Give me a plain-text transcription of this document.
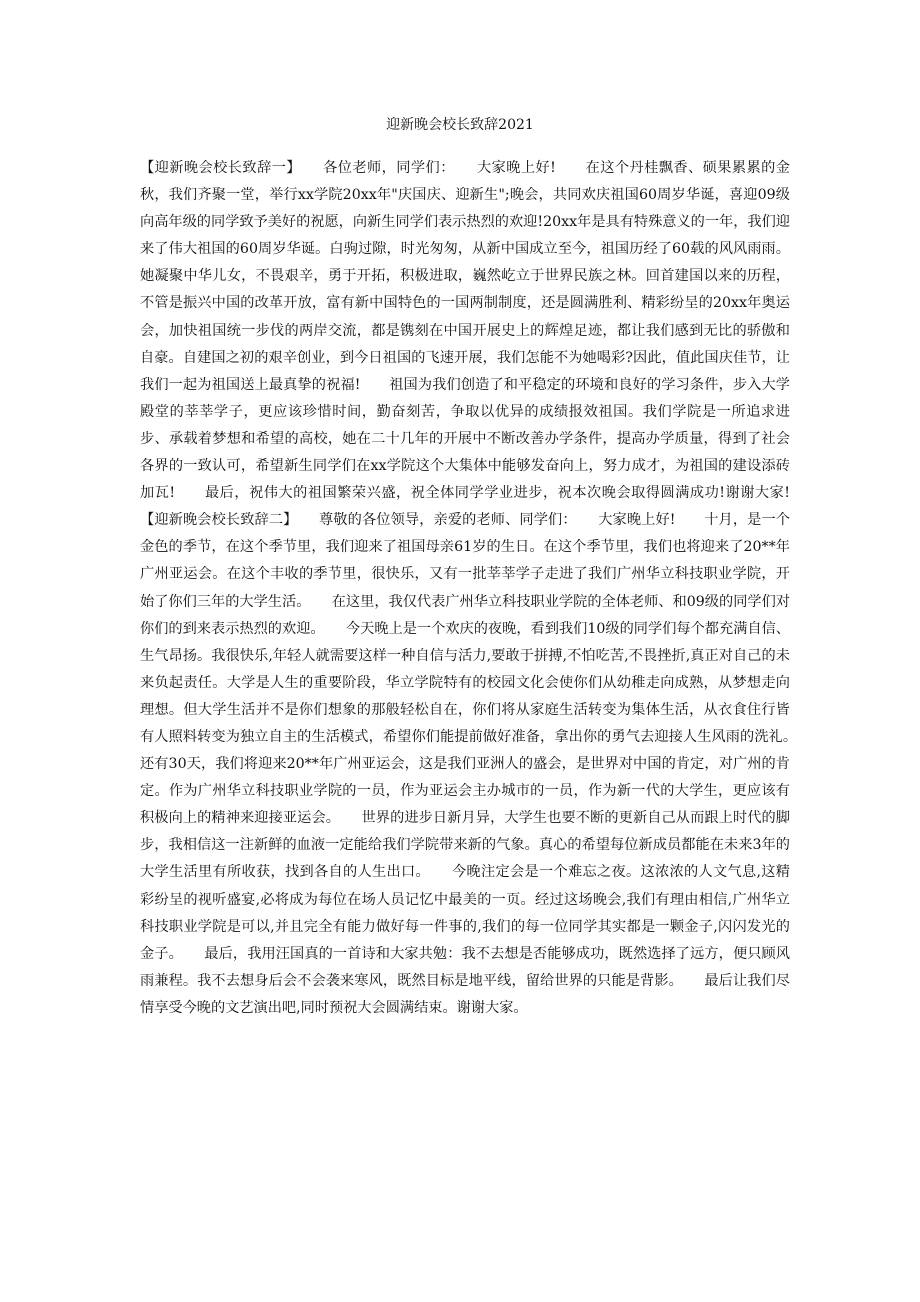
迎新晚会校长致辞2021

【迎新晚会校长致辞一】　　各位老师，同学们：　　大家晚上好!　　在这个丹桂飘香、硕果累累的金秋，我们齐聚一堂，举行xx学院20xx年"庆国庆、迎新生";晚会，共同欢庆祖国60周岁华诞，喜迎09级向高年级的同学致予美好的祝愿，向新生同学们表示热烈的欢迎!20xx年是具有特殊意义的一年，我们迎来了伟大祖国的60周岁华诞。白驹过隙，时光匆匆，从新中国成立至今，祖国历经了60载的风风雨雨。她凝聚中华儿女，不畏艰辛，勇于开拓，积极进取，巍然屹立于世界民族之林。回首建国以来的历程，不管是振兴中国的改革开放，富有新中国特色的一国两制制度，还是圆满胜利、精彩纷呈的20xx年奥运会，加快祖国统一步伐的两岸交流，都是镌刻在中国开展史上的辉煌足迹，都让我们感到无比的骄傲和自豪。自建国之初的艰辛创业，到今日祖国的飞速开展，我们怎能不为她喝彩?因此，值此国庆佳节，让我们一起为祖国送上最真挚的祝福!　　祖国为我们创造了和平稳定的环境和良好的学习条件，步入大学殿堂的莘莘学子，更应该珍惜时间，勤奋刻苦，争取以优异的成绩报效祖国。我们学院是一所追求进步、承载着梦想和希望的高校，她在二十几年的开展中不断改善办学条件，提高办学质量，得到了社会各界的一致认可，希望新生同学们在xx学院这个大集体中能够发奋向上，努力成才，为祖国的建设添砖加瓦!　　最后，祝伟大的祖国繁荣兴盛，祝全体同学学业进步，祝本次晚会取得圆满成功!谢谢大家!　　【迎新晚会校长致辞二】　　尊敬的各位领导，亲爱的老师、同学们：　　大家晚上好!　　十月，是一个金色的季节，在这个季节里，我们迎来了祖国母亲61岁的生日。在这个季节里，我们也将迎来了20**年广州亚运会。在这个丰收的季节里，很快乐，又有一批莘莘学子走进了我们广州华立科技职业学院，开始了你们三年的大学生活。　　在这里，我仅代表广州华立科技职业学院的全体老师、和09级的同学们对你们的到来表示热烈的欢迎。　　今天晚上是一个欢庆的夜晚，看到我们10级的同学们每个都充满自信、生气昂扬。我很快乐,年轻人就需要这样一种自信与活力,要敢于拼搏,不怕吃苦,不畏挫折,真正对自己的未来负起责任。大学是人生的重要阶段，华立学院特有的校园文化会使你们从幼稚走向成熟，从梦想走向理想。但大学生活并不是你们想象的那般轻松自在，你们将从家庭生活转变为集体生活，从衣食住行皆有人照料转变为独立自主的生活模式，希望你们能提前做好准备，拿出你的勇气去迎接人生风雨的洗礼。　　还有30天，我们将迎来20**年广州亚运会，这是我们亚洲人的盛会，是世界对中国的肯定，对广州的肯定。作为广州华立科技职业学院的一员，作为亚运会主办城市的一员，作为新一代的大学生，更应该有积极向上的精神来迎接亚运会。　　世界的进步日新月异，大学生也要不断的更新自己从而跟上时代的脚步，我相信这一注新鲜的血液一定能给我们学院带来新的气象。真心的希望每位新成员都能在未来3年的大学生活里有所收获，找到各自的人生出口。　　今晚注定会是一个难忘之夜。这浓浓的人文气息,这精彩纷呈的视听盛宴,必将成为每位在场人员记忆中最美的一页。经过这场晚会,我们有理由相信,广州华立科技职业学院是可以,并且完全有能力做好每一件事的,我们的每一位同学其实都是一颗金子,闪闪发光的金子。　　最后，我用汪国真的一首诗和大家共勉：我不去想是否能够成功，既然选择了远方，便只顾风雨兼程。我不去想身后会不会袭来寒风，既然目标是地平线，留给世界的只能是背影。　　最后让我们尽情享受今晚的文艺演出吧,同时预祝大会圆满结束。谢谢大家。
